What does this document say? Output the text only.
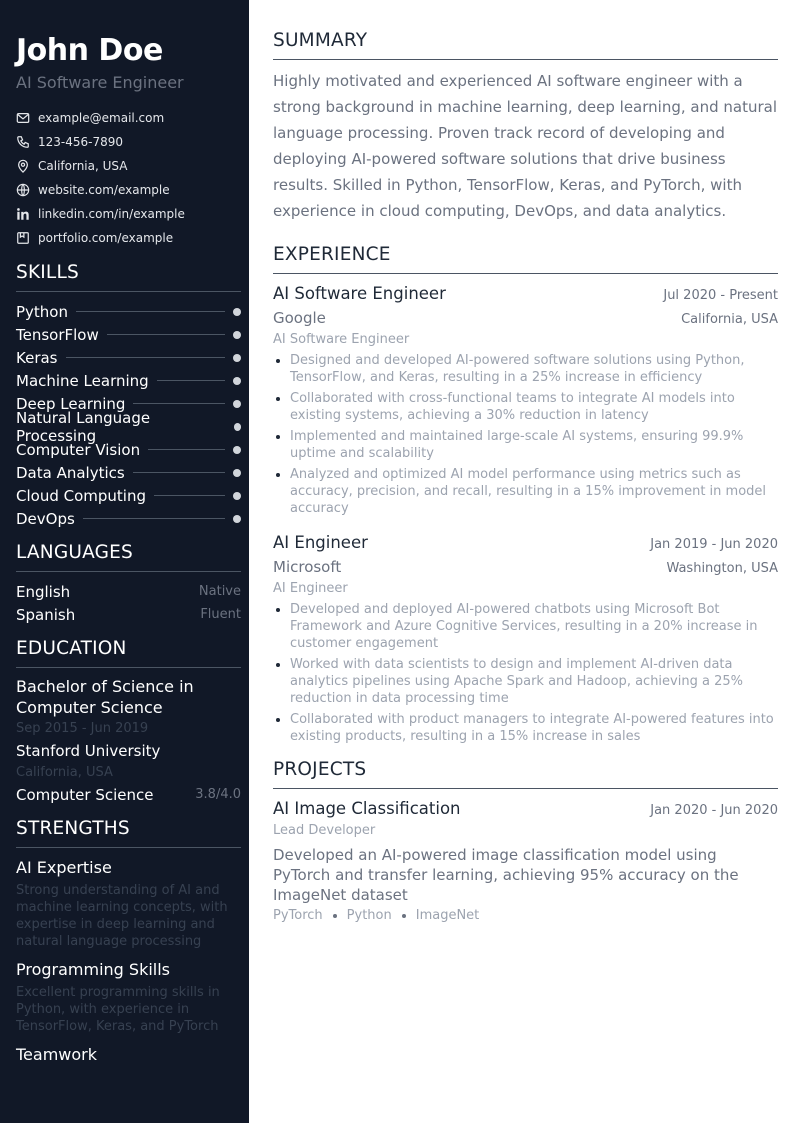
John Doe
AI Software Engineer
example@email.com
123-456-7890
California, USA
website.com/example
linkedin.com/in/example
portfolio.com/example
SKILLS
Python
TensorFlow
Keras
Machine Learning
Deep Learning
Natural Language Processing
Computer Vision
Data Analytics
Cloud Computing
DevOps
LANGUAGES
English	Native
Spanish	Fluent
EDUCATION
Bachelor of Science in Computer Science
Sep 2015 - Jun 2019
Stanford University
California, USA
Computer Science	3.8/4.0
STRENGTHS
AI Expertise
Strong understanding of AI and machine learning concepts, with expertise in deep learning and natural language processing
Programming Skills
Excellent programming skills in Python, with experience in TensorFlow, Keras, and PyTorch
Teamwork
SUMMARY
Highly motivated and experienced AI software engineer with a strong background in machine learning, deep learning, and natural language processing. Proven track record of developing and deploying AI-powered software solutions that drive business results. Skilled in Python, TensorFlow, Keras, and PyTorch, with experience in cloud computing, DevOps, and data analytics.
EXPERIENCE
AI Software Engineer	Jul 2020 - Present
Google	California, USA
AI Software Engineer
• Designed and developed AI-powered software solutions using Python, TensorFlow, and Keras, resulting in a 25% increase in efficiency
• Collaborated with cross-functional teams to integrate AI models into existing systems, achieving a 30% reduction in latency
• Implemented and maintained large-scale AI systems, ensuring 99.9% uptime and scalability
• Analyzed and optimized AI model performance using metrics such as accuracy, precision, and recall, resulting in a 15% improvement in model accuracy
AI Engineer	Jan 2019 - Jun 2020
Microsoft	Washington, USA
AI Engineer
• Developed and deployed AI-powered chatbots using Microsoft Bot Framework and Azure Cognitive Services, resulting in a 20% increase in customer engagement
• Worked with data scientists to design and implement AI-driven data analytics pipelines using Apache Spark and Hadoop, achieving a 25% reduction in data processing time
• Collaborated with product managers to integrate AI-powered features into existing products, resulting in a 15% increase in sales
PROJECTS
AI Image Classification	Jan 2020 - Jun 2020
Lead Developer
Developed an AI-powered image classification model using PyTorch and transfer learning, achieving 95% accuracy on the ImageNet dataset
PyTorch Python ImageNet
